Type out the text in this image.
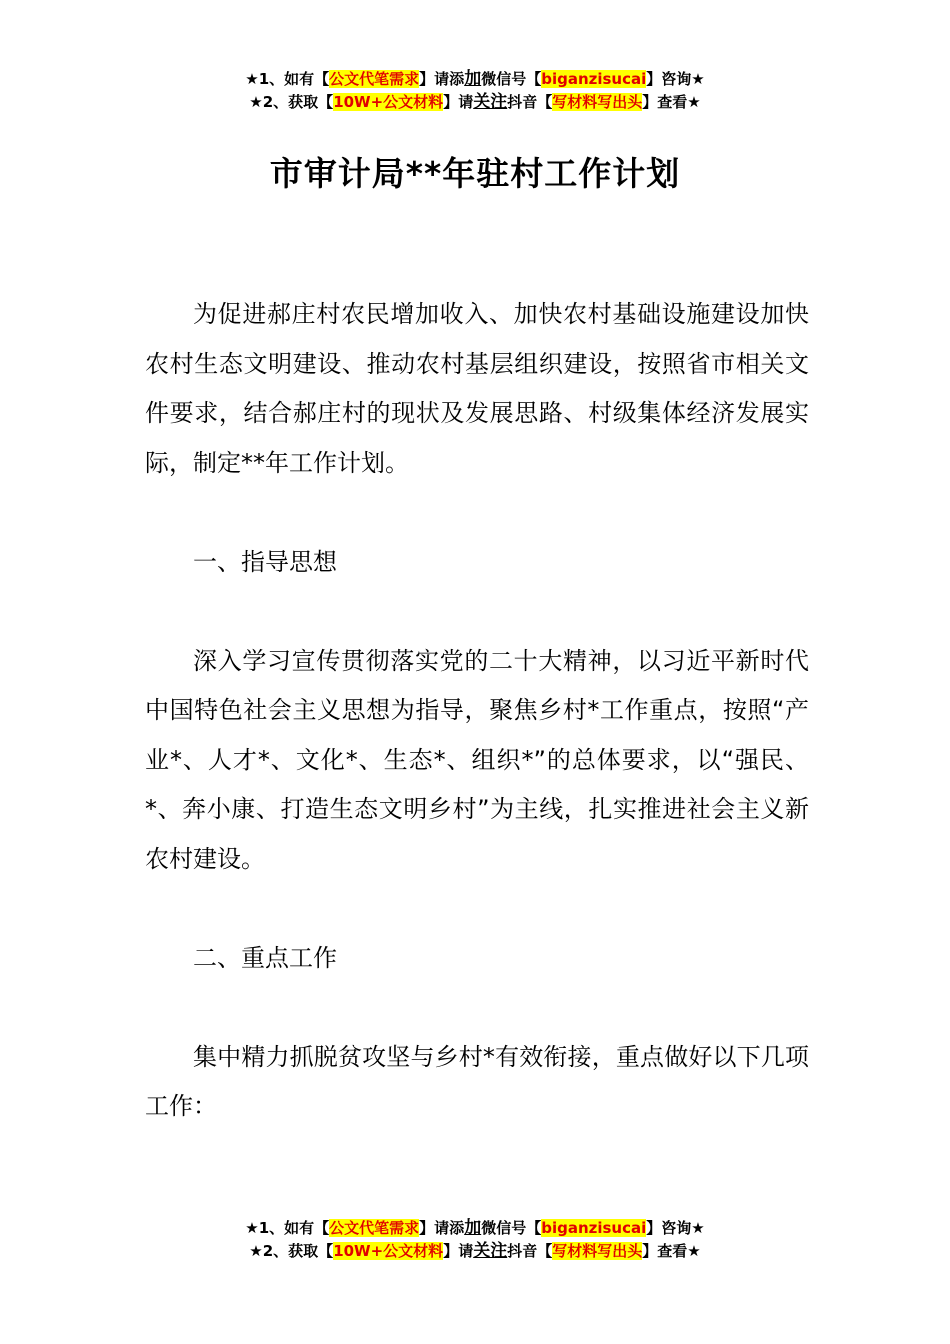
★1、如有【公文代笔需求】请添加微信号【biganzisucai】咨询★
★2、获取【10W+公文材料】请关注抖音【写材料写出头】查看★
市审计局**年驻村工作计划

为促进郝庄村农民增加收入、加快农村基础设施建设加快农村生态文明建设、推动农村基层组织建设，按照省市相关文件要求，结合郝庄村的现状及发展思路、村级集体经济发展实际，制定**年工作计划。

一、指导思想

深入学习宣传贯彻落实党的二十大精神，以习近平新时代中国特色社会主义思想为指导，聚焦乡村*工作重点，按照“产业*、人才*、文化*、生态*、组织*”的总体要求，以“强民、*、奔小康、打造生态文明乡村”为主线，扎实推进社会主义新农村建设。

二、重点工作

集中精力抓脱贫攻坚与乡村*有效衔接，重点做好以下几项工作：

★1、如有【公文代笔需求】请添加微信号【biganzisucai】咨询★
★2、获取【10W+公文材料】请关注抖音【写材料写出头】查看★
